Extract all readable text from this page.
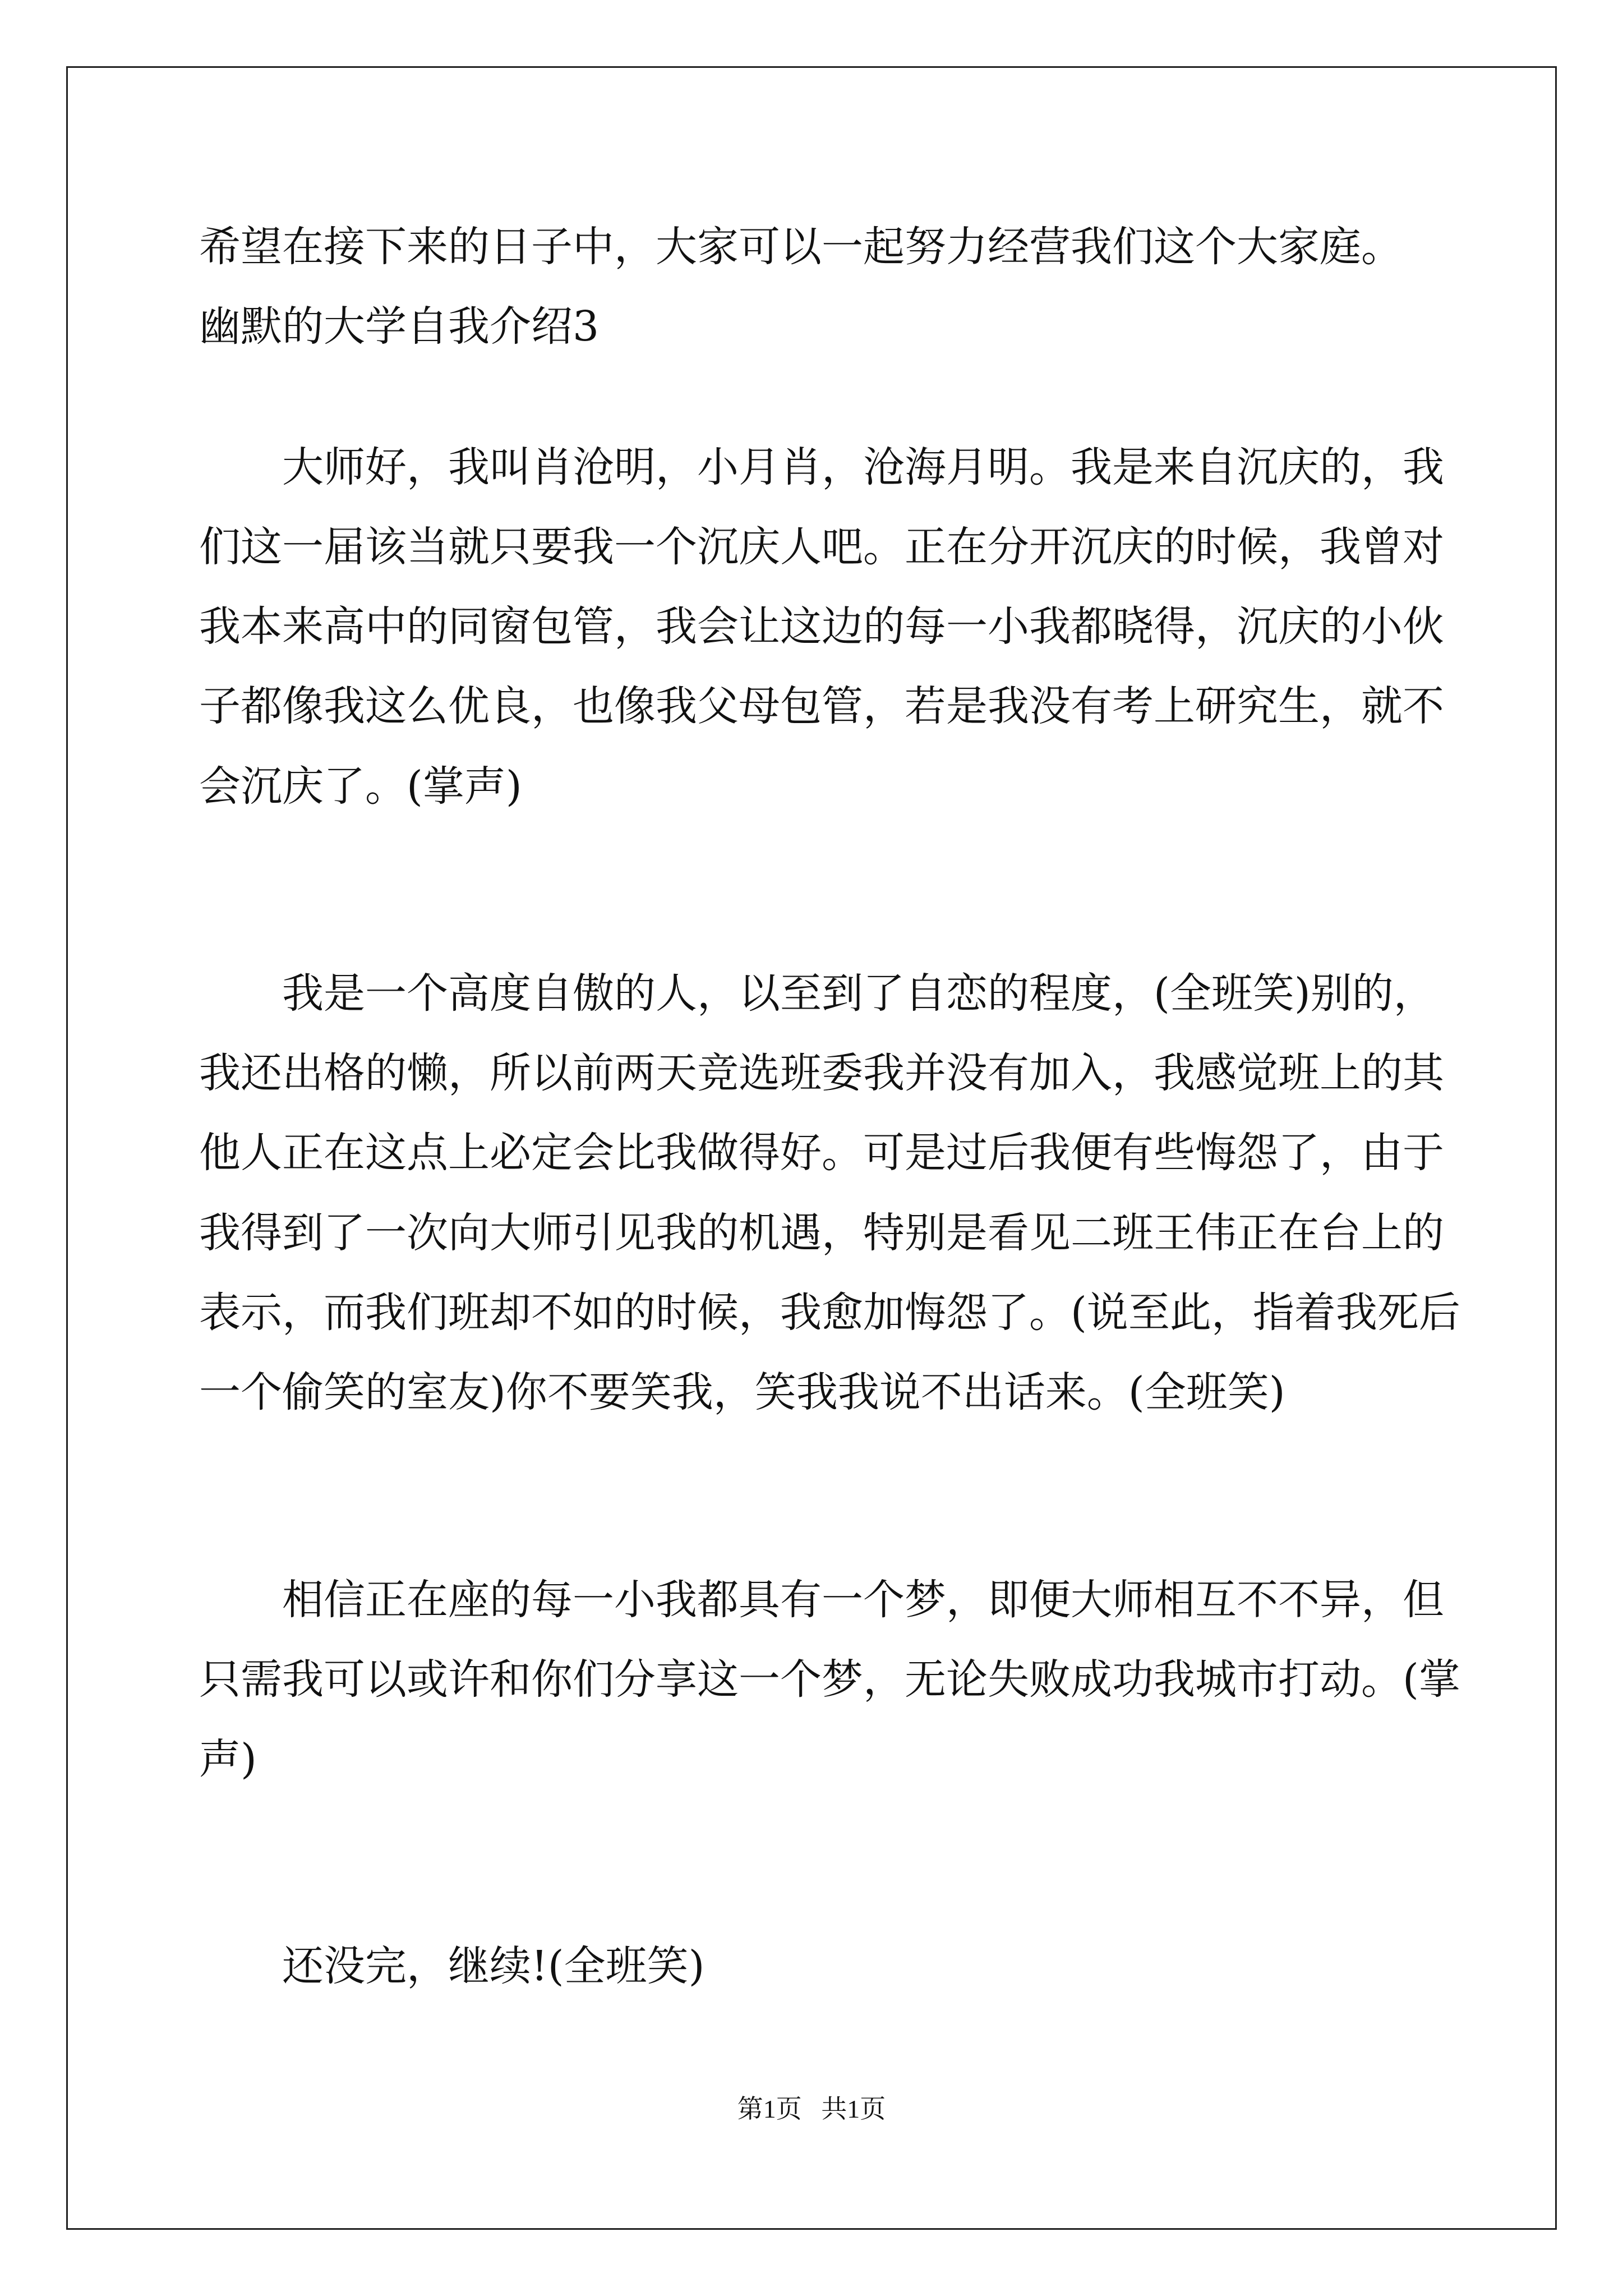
希望在接下来的日子中，大家可以一起努力经营我们这个大家庭。
幽默的大学自我介绍3
大师好，我叫肖沧明，小月肖，沧海月明。我是来自沉庆的，我
们这一届该当就只要我一个沉庆人吧。正在分开沉庆的时候，我曾对
我本来高中的同窗包管，我会让这边的每一小我都晓得，沉庆的小伙
子都像我这么优良，也像我父母包管，若是我没有考上研究生，就不
会沉庆了。(掌声)
我是一个高度自傲的人，以至到了自恋的程度，(全班笑)别的，
我还出格的懒，所以前两天竞选班委我并没有加入，我感觉班上的其
他人正在这点上必定会比我做得好。可是过后我便有些悔怨了，由于
我得到了一次向大师引见我的机遇，特别是看见二班王伟正在台上的
表示，而我们班却不如的时候，我愈加悔怨了。(说至此，指着我死后
一个偷笑的室友)你不要笑我，笑我我说不出话来。(全班笑)
相信正在座的每一小我都具有一个梦，即便大师相互不不异，但
只需我可以或许和你们分享这一个梦，无论失败成功我城市打动。(掌
声)
还没完，继续!(全班笑)
第1页   共1页
